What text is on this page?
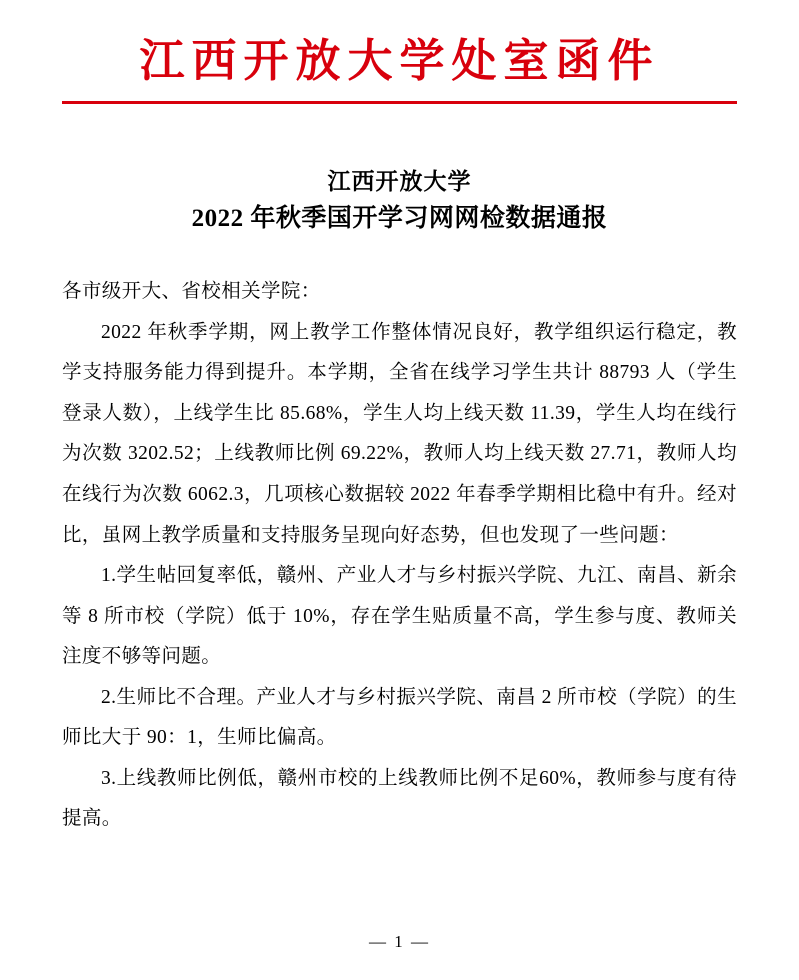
江西开放大学处室函件
江西开放大学
2022 年秋季国开学习网网检数据通报

各市级开大、省校相关学院：

2022 年秋季学期，网上教学工作整体情况良好，教学组织运行稳定，教学支持服务能力得到提升。本学期，全省在线学习学生共计 88793 人（学生登录人数），上线学生比 85.68%，学生人均上线天数 11.39，学生人均在线行为次数 3202.52；上线教师比例 69.22%，教师人均上线天数 27.71，教师人均在线行为次数 6062.3，几项核心数据较 2022 年春季学期相比稳中有升。经对比，虽网上教学质量和支持服务呈现向好态势，但也发现了一些问题：

1.学生帖回复率低，赣州、产业人才与乡村振兴学院、九江、南昌、新余等 8 所市校（学院）低于 10%，存在学生贴质量不高，学生参与度、教师关注度不够等问题。

2.生师比不合理。产业人才与乡村振兴学院、南昌 2 所市校（学院）的生师比大于 90：1，生师比偏高。

3.上线教师比例低，赣州市校的上线教师比例不足60%，教师参与度有待提高。

— 1 —
